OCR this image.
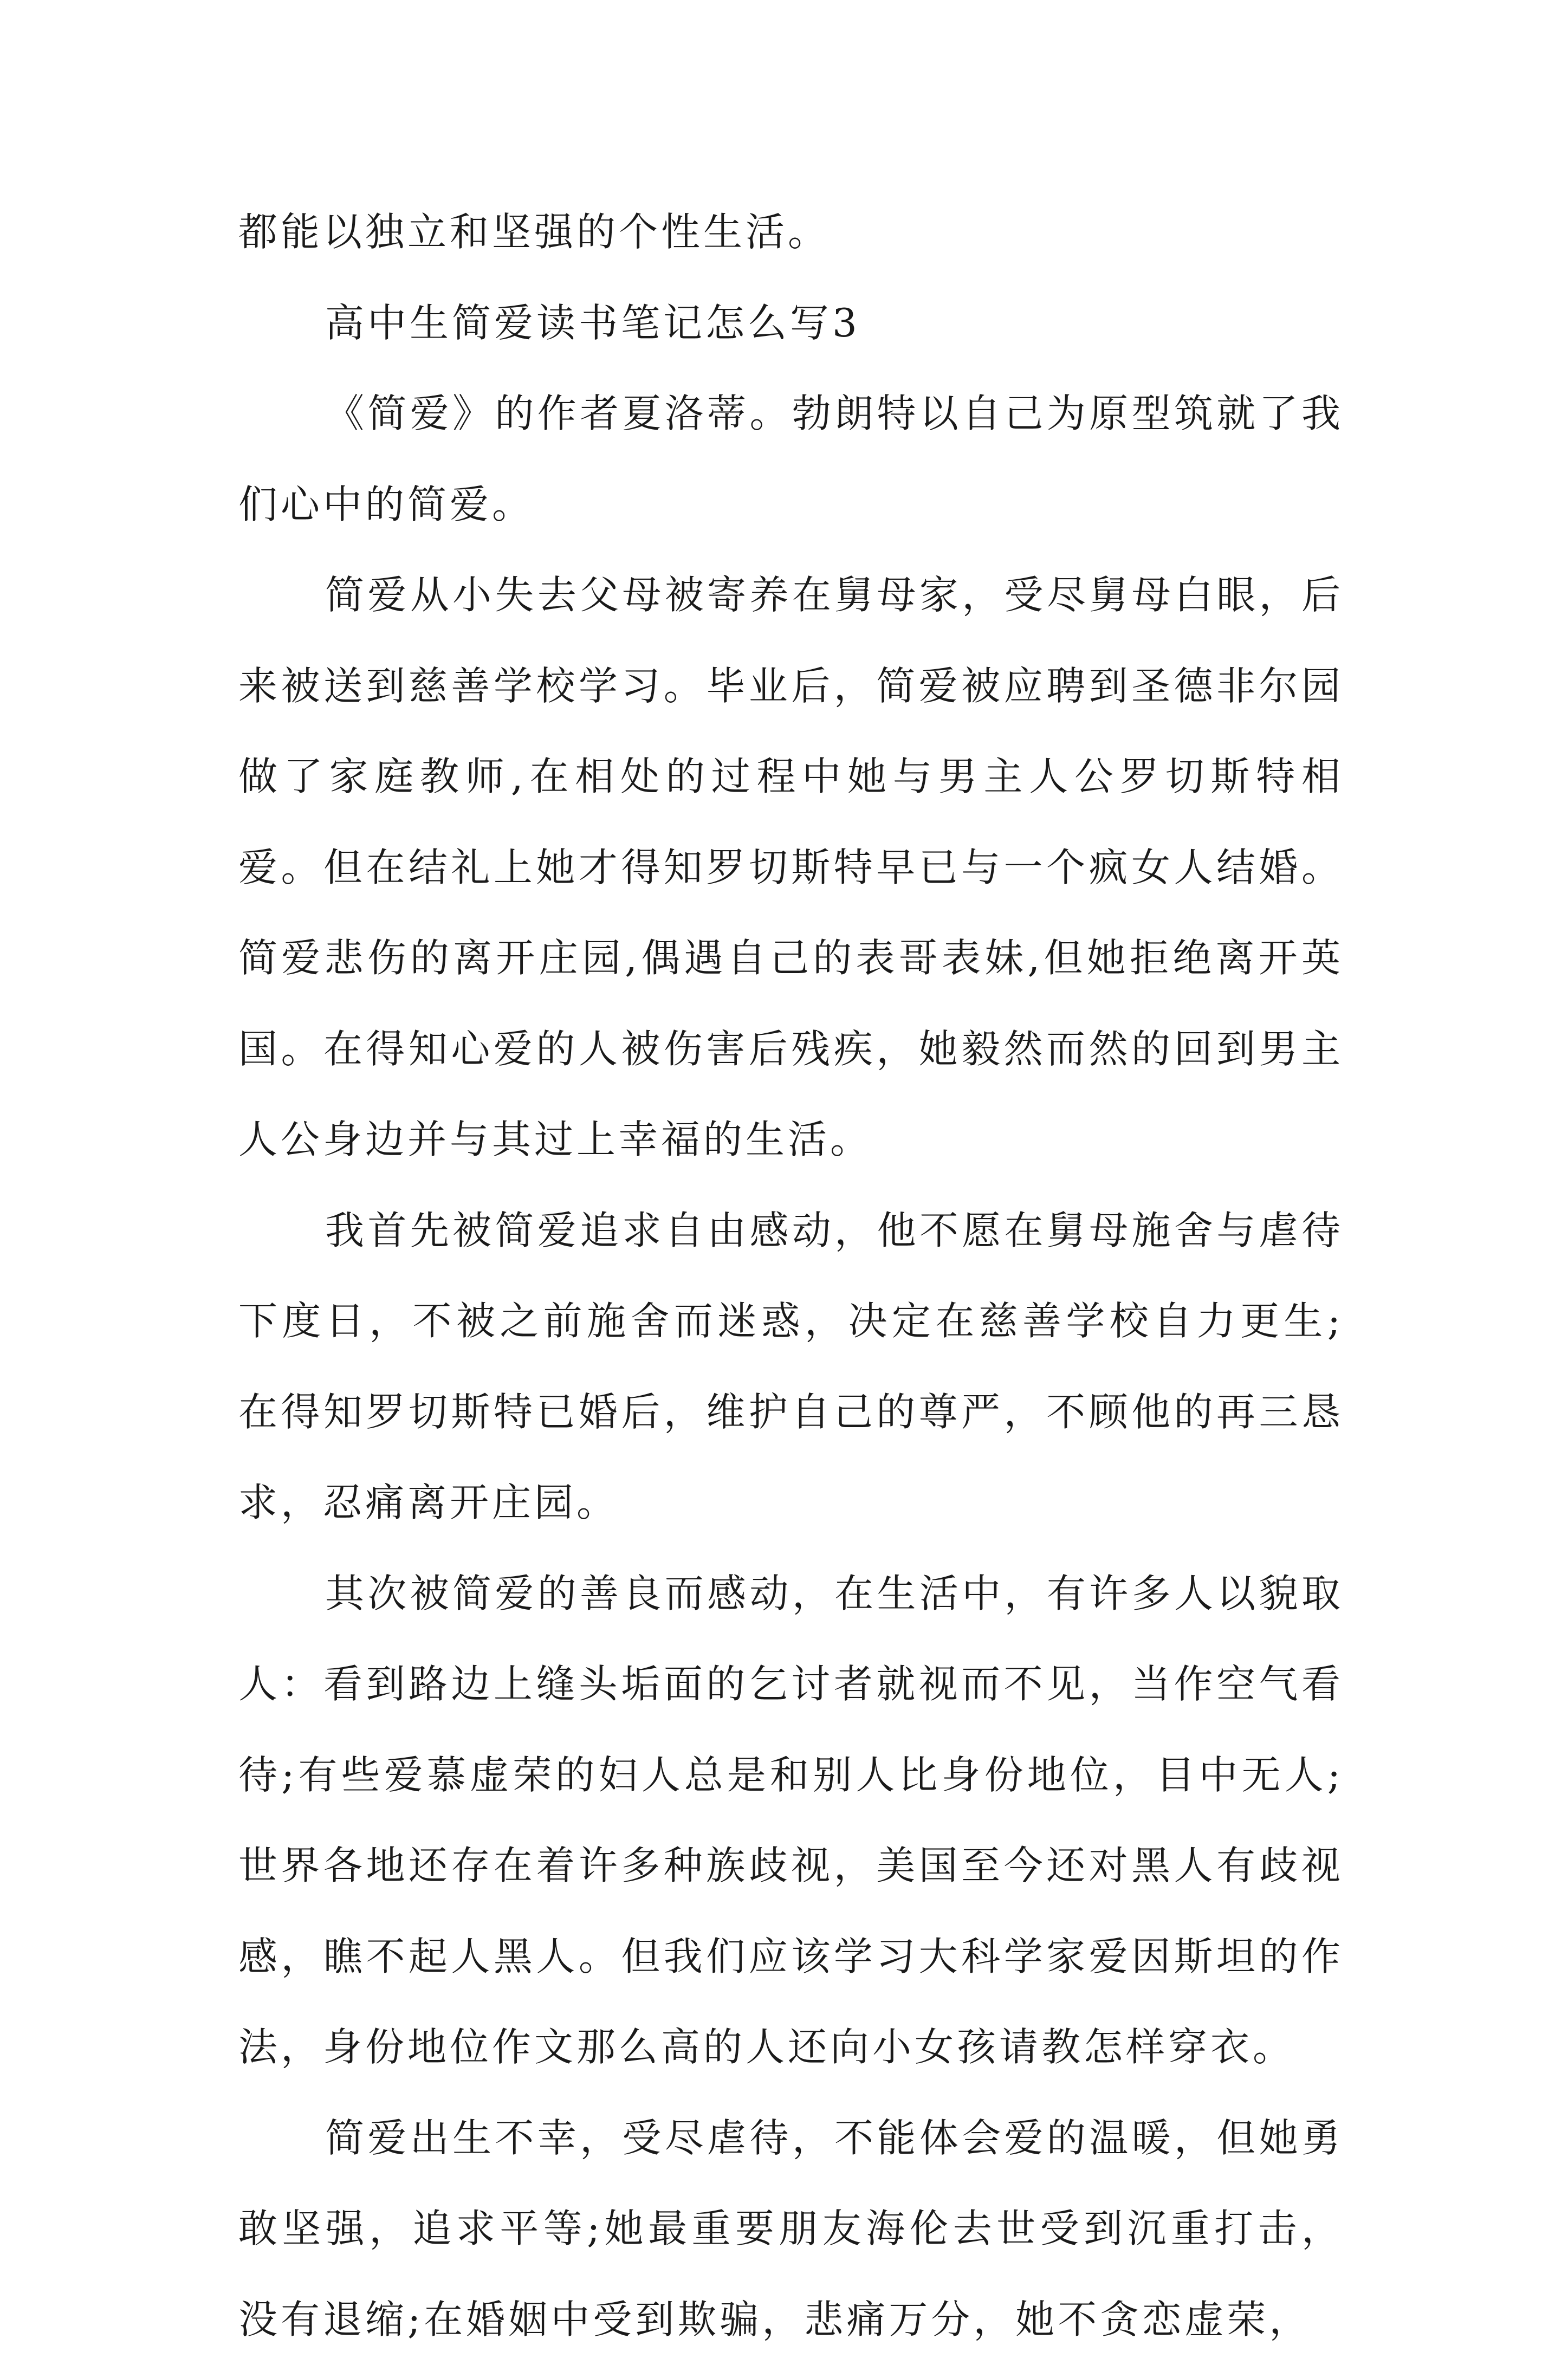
都能以独立和坚强的个性生活。

高中生简爱读书笔记怎么写3

《简爱》的作者夏洛蒂。勃朗特以自己为原型筑就了我们心中的简爱。

简爱从小失去父母被寄养在舅母家，受尽舅母白眼，后来被送到慈善学校学习。毕业后，简爱被应聘到圣德非尔园做了家庭教师,在相处的过程中她与男主人公罗切斯特相爱。但在结礼上她才得知罗切斯特早已与一个疯女人结婚。简爱悲伤的离开庄园,偶遇自己的表哥表妹,但她拒绝离开英国。在得知心爱的人被伤害后残疾，她毅然而然的回到男主人公身边并与其过上幸福的生活。

我首先被简爱追求自由感动，他不愿在舅母施舍与虐待下度日，不被之前施舍而迷惑，决定在慈善学校自力更生;在得知罗切斯特已婚后，维护自己的尊严，不顾他的再三恳求，忍痛离开庄园。

其次被简爱的善良而感动，在生活中，有许多人以貌取人：看到路边上缝头垢面的乞讨者就视而不见，当作空气看待;有些爱慕虚荣的妇人总是和别人比身份地位，目中无人;世界各地还存在着许多种族歧视，美国至今还对黑人有歧视感，瞧不起人黑人。但我们应该学习大科学家爱因斯坦的作法，身份地位作文那么高的人还向小女孩请教怎样穿衣。

简爱出生不幸，受尽虐待，不能体会爱的温暖，但她勇敢坚强，追求平等;她最重要朋友海伦去世受到沉重打击，没有退缩;在婚姻中受到欺骗，悲痛万分，她不贪恋虚荣，
